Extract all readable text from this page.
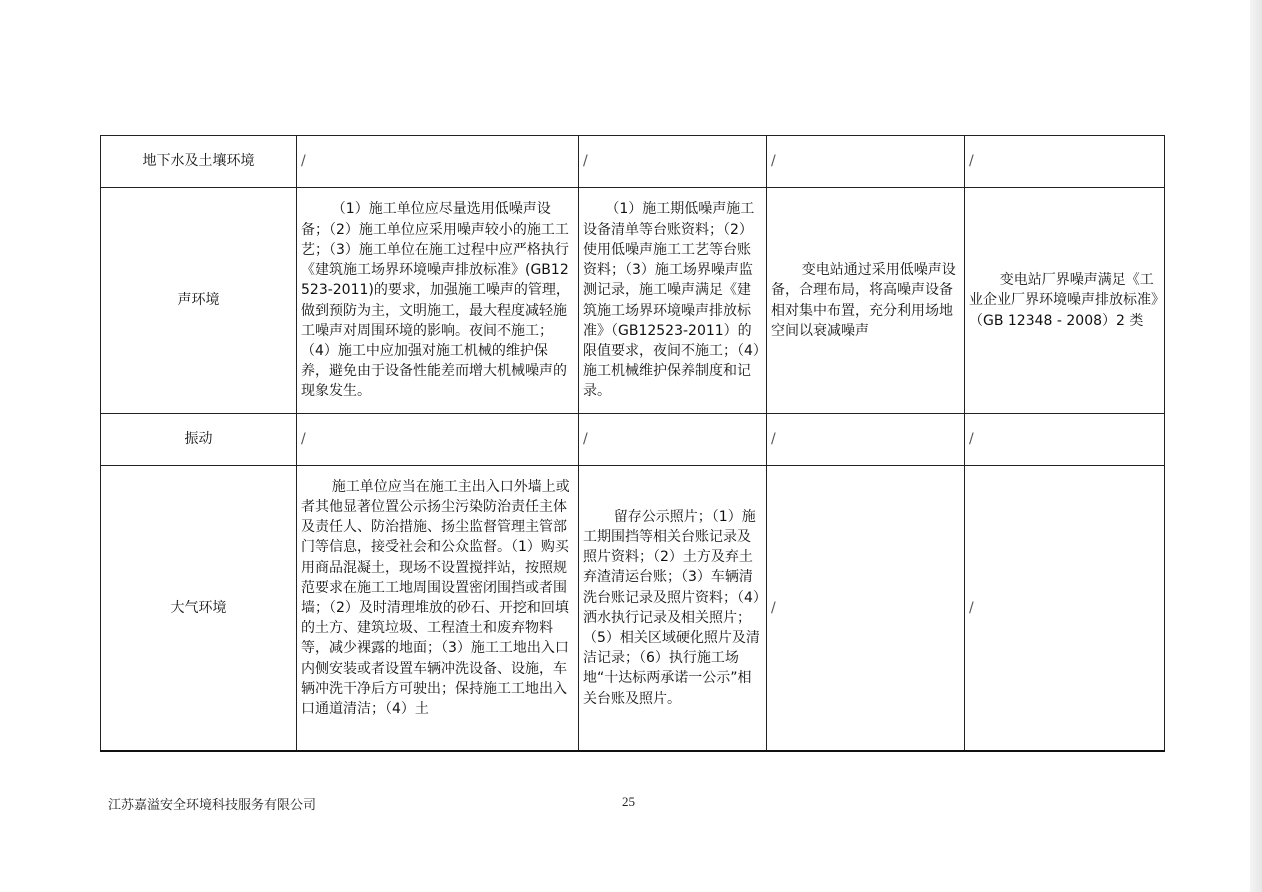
地下水及土壤环境	/	/	/	/
声环境	（1）施工单位应尽量选用低噪声设备；（2）施工单位应采用噪声较小的施工工艺；（3）施工单位在施工过程中应严格执行《建筑施工场界环境噪声排放标准》(GB12523-2011)的要求，加强施工噪声的管理，做到预防为主，文明施工，最大程度减轻施工噪声对周围环境的影响。夜间不施工；（4）施工中应加强对施工机械的维护保养，避免由于设备性能差而增大机械噪声的现象发生。	（1）施工期低噪声施工设备清单等台账资料；（2）使用低噪声施工工艺等台账资料；（3）施工场界噪声监测记录，施工噪声满足《建筑施工场界环境噪声排放标准》（GB12523-2011）的限值要求，夜间不施工；（4）施工机械维护保养制度和记录。	变电站通过采用低噪声设备，合理布局，将高噪声设备相对集中布置，充分利用场地空间以衰减噪声	变电站厂界噪声满足《工业企业厂界环境噪声排放标准》（GB 12348 - 2008）2 类

振动	/	/	/	/
大气环境	施工单位应当在施工主出入口外墙上或者其他显著位置公示扬尘污染防治责任主体及责任人、防治措施、扬尘监督管理主管部门等信息，接受社会和公众监督。（1）购买用商品混凝土，现场不设置搅拌站，按照规范要求在施工工地周围设置密闭围挡或者围墙；（2）及时清理堆放的砂石、开挖和回填的土方、建筑垃圾、工程渣土和废弃物料等，减少裸露的地面；（3）施工工地出入口内侧安装或者设置车辆冲洗设备、设施，车辆冲洗干净后方可驶出；保持施工工地出入口通道清洁；（4）土	留存公示照片；（1）施工期围挡等相关台账记录及照片资料；（2）土方及弃土弃渣清运台账；（3）车辆清洗台账记录及照片资料；（4）洒水执行记录及相关照片；（5）相关区域硬化照片及清洁记录；（6）执行施工场地“十达标两承诺一公示”相关台账及照片。	/	/
江苏嘉溢安全环境科技服务有限公司	25
